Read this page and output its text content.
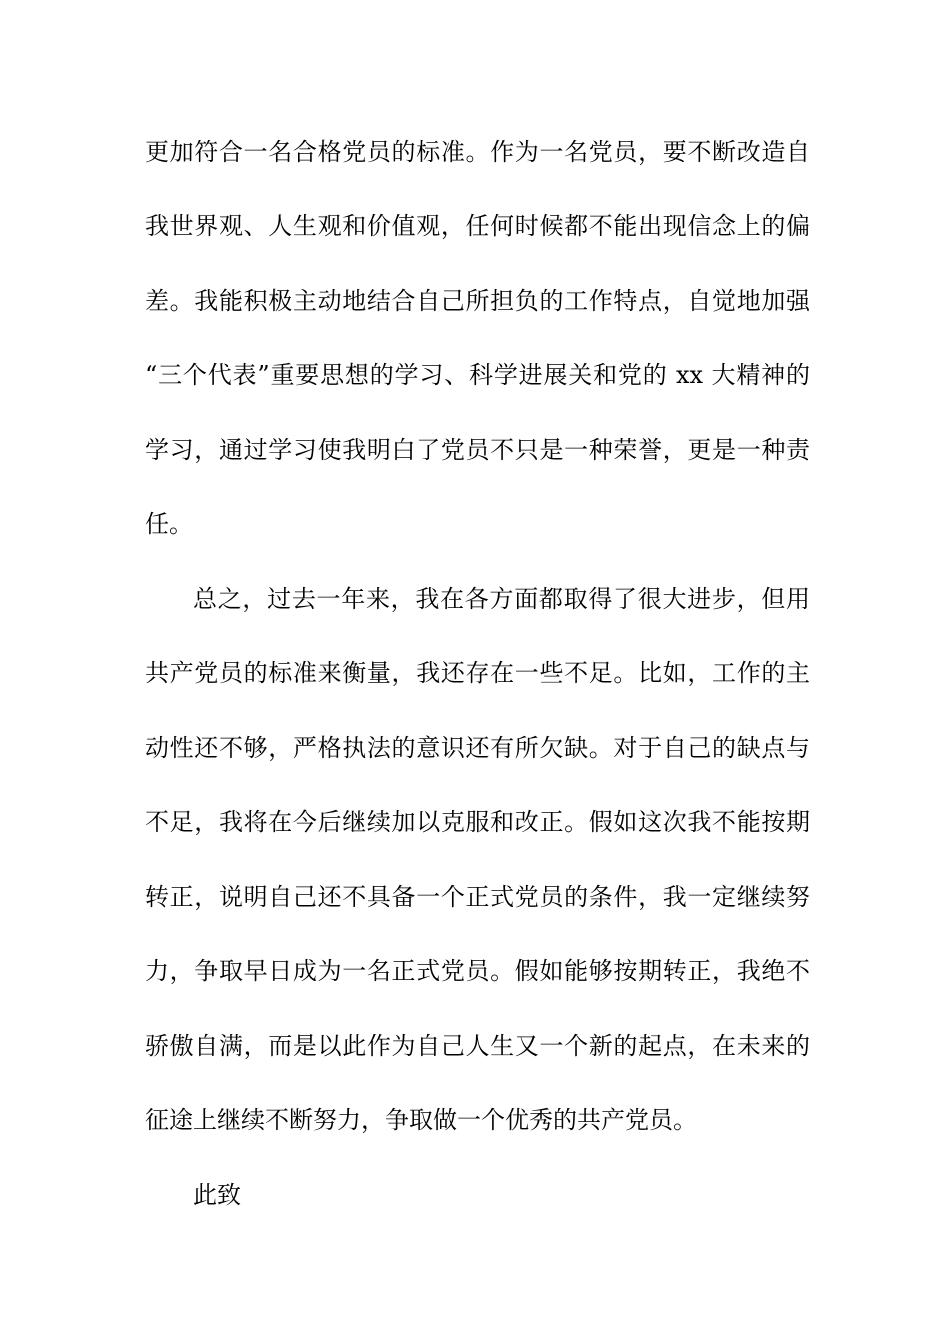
更加符合一名合格党员的标准。作为一名党员，要不断改造自
我世界观、人生观和价值观，任何时候都不能出现信念上的偏
差。我能积极主动地结合自己所担负的工作特点，自觉地加强
“三个代表”重要思想的学习、科学进展关和党的 xx 大精神的
学习，通过学习使我明白了党员不只是一种荣誉，更是一种责
任。
总之，过去一年来，我在各方面都取得了很大进步，但用
共产党员的标准来衡量，我还存在一些不足。比如，工作的主
动性还不够，严格执法的意识还有所欠缺。对于自己的缺点与
不足，我将在今后继续加以克服和改正。假如这次我不能按期
转正，说明自己还不具备一个正式党员的条件，我一定继续努
力，争取早日成为一名正式党员。假如能够按期转正，我绝不
骄傲自满，而是以此作为自己人生又一个新的起点，在未来的
征途上继续不断努力，争取做一个优秀的共产党员。
此致
